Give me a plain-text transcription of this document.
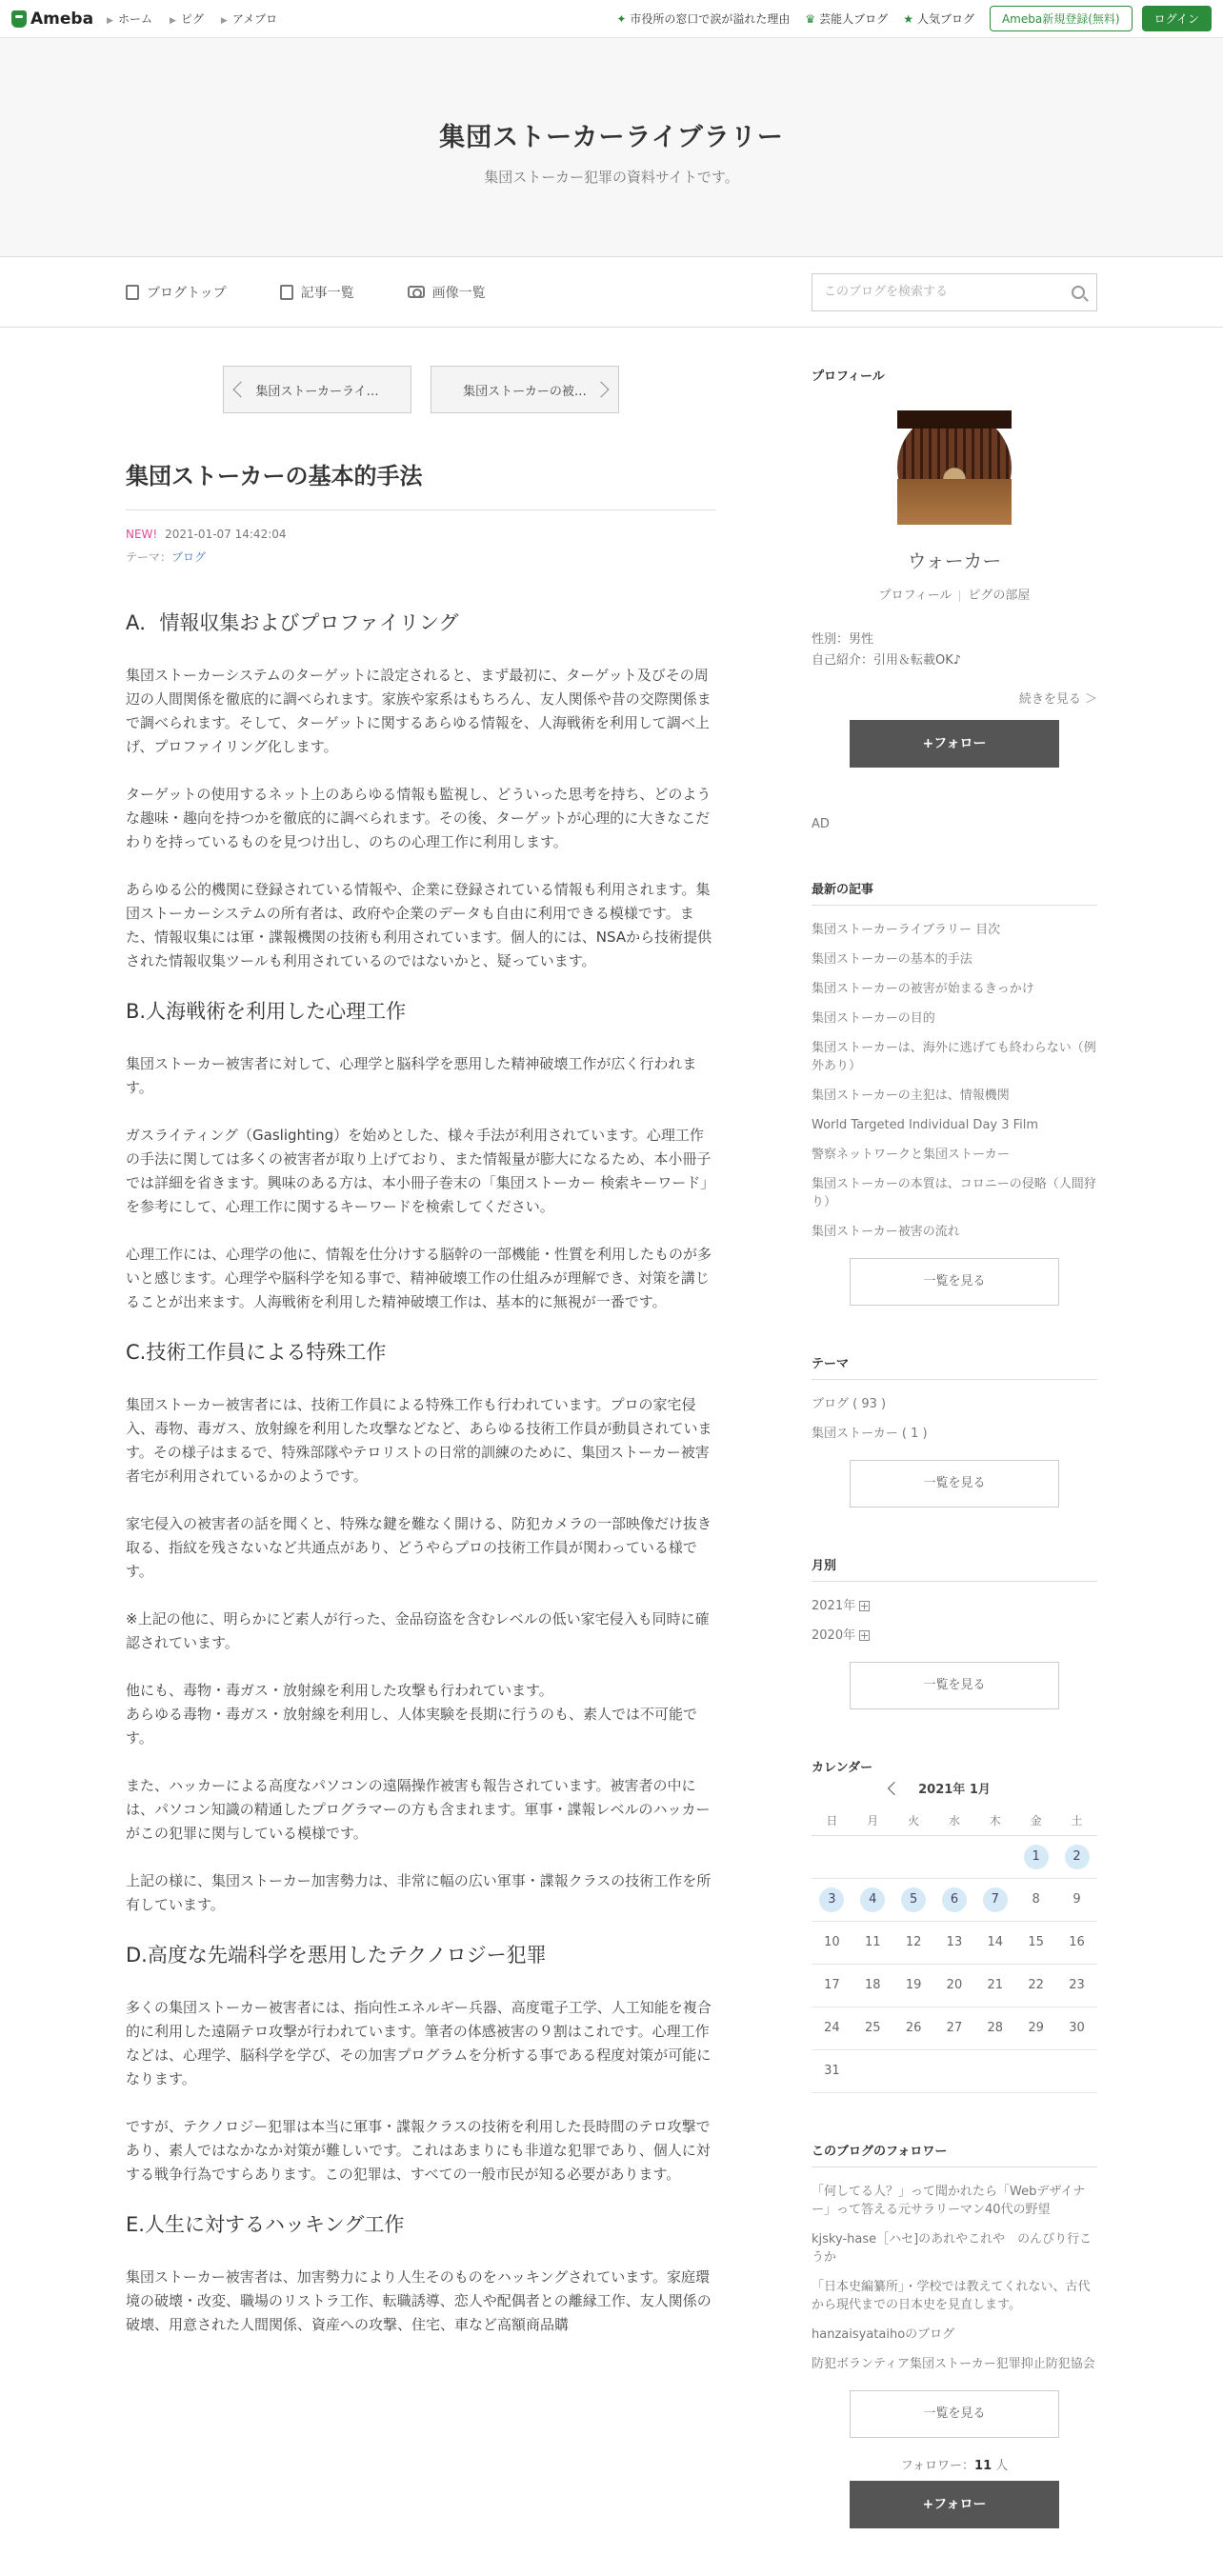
Ameba ▶ ホーム ▶ ピグ ▶ アメブロ	✦ 市役所の窓口で涙が溢れた理由 ♛ 芸能人ブログ ★ 人気ブログ	Ameba新規登録(無料)	ログイン
集団ストーカーライブラリー
集団ストーカー犯罪の資料サイトです。
ブログトップ	記事一覧	画像一覧
このブログを検索する
集団ストーカーライ…	集団ストーカーの被…
集団ストーカーの基本的手法
NEW! 2021-01-07 14:42:04
テーマ：ブログ
A．情報収集およびプロファイリング

集団ストーカーシステムのターゲットに設定されると、まず最初に、ターゲット及びその周辺の人間関係を徹底的に調べられます。家族や家系はもちろん、友人関係や昔の交際関係まで調べられます。そして、ターゲットに関するあらゆる情報を、人海戦術を利用して調べ上げ、プロファイリング化します。

ターゲットの使用するネット上のあらゆる情報も監視し、どういった思考を持ち、どのような趣味・趣向を持つかを徹底的に調べられます。その後、ターゲットが心理的に大きなこだわりを持っているものを見つけ出し、のちの心理工作に利用します。

あらゆる公的機関に登録されている情報や、企業に登録されている情報も利用されます。集団ストーカーシステムの所有者は、政府や企業のデータも自由に利用できる模様です。また、情報収集には軍・諜報機関の技術も利用されています。個人的には、NSAから技術提供された情報収集ツールも利用されているのではないかと、疑っています。

B.人海戦術を利用した心理工作

集団ストーカー被害者に対して、心理学と脳科学を悪用した精神破壊工作が広く行われます。

ガスライティング（Gaslighting）を始めとした、様々手法が利用されています。心理工作の手法に関しては多くの被害者が取り上げており、また情報量が膨大になるため、本小冊子では詳細を省きます。興味のある方は、本小冊子巻末の「集団ストーカー 検索キーワード」を参考にして、心理工作に関するキーワードを検索してください。

心理工作には、心理学の他に、情報を仕分けする脳幹の一部機能・性質を利用したものが多いと感じます。心理学や脳科学を知る事で、精神破壊工作の仕組みが理解でき、対策を講じることが出来ます。人海戦術を利用した精神破壊工作は、基本的に無視が一番です。

C.技術工作員による特殊工作

集団ストーカー被害者には、技術工作員による特殊工作も行われています。プロの家宅侵入、毒物、毒ガス、放射線を利用した攻撃などなど、あらゆる技術工作員が動員されています。その様子はまるで、特殊部隊やテロリストの日常的訓練のために、集団ストーカー被害者宅が利用されているかのようです。

家宅侵入の被害者の話を聞くと、特殊な鍵を難なく開ける、防犯カメラの一部映像だけ抜き取る、指紋を残さないなど共通点があり、どうやらプロの技術工作員が関わっている様です。

※上記の他に、明らかにど素人が行った、金品窃盗を含むレベルの低い家宅侵入も同時に確認されています。

他にも、毒物・毒ガス・放射線を利用した攻撃も行われています。
あらゆる毒物・毒ガス・放射線を利用し、人体実験を長期に行うのも、素人では不可能です。

また、ハッカーによる高度なパソコンの遠隔操作被害も報告されています。被害者の中には、パソコン知識の精通したプログラマーの方も含まれます。軍事・諜報レベルのハッカーがこの犯罪に関与している模様です。

上記の様に、集団ストーカー加害勢力は、非常に幅の広い軍事・諜報クラスの技術工作を所有しています。

D.高度な先端科学を悪用したテクノロジー犯罪

多くの集団ストーカー被害者には、指向性エネルギー兵器、高度電子工学、人工知能を複合的に利用した遠隔テロ攻撃が行われています。筆者の体感被害の９割はこれです。心理工作などは、心理学、脳科学を学び、その加害プログラムを分析する事である程度対策が可能になります。

ですが、テクノロジー犯罪は本当に軍事・諜報クラスの技術を利用した長時間のテロ攻撃であり、素人ではなかなか対策が難しいです。これはあまりにも非道な犯罪であり、個人に対する戦争行為ですらあります。この犯罪は、すべての一般市民が知る必要があります。

E.人生に対するハッキング工作

集団ストーカー被害者は、加害勢力により人生そのものをハッキングされています。家庭環境の破壊・改変、職場のリストラ工作、転職誘導、恋人や配偶者との離縁工作、友人関係の破壊、用意された人間関係、資産への攻撃、住宅、車など高額商品購

プロフィール
ウォーカー
プロフィール ピグの部屋
性別：男性
自己紹介：引用＆転載OK♪
続きを見る ＞
+フォロー
AD
最新の記事
集団ストーカーライブラリー 目次
集団ストーカーの基本的手法
集団ストーカーの被害が始まるきっかけ
集団ストーカーの目的
集団ストーカーは、海外に逃げても終わらない（例外あり）
集団ストーカーの主犯は、情報機関
World Targeted Individual Day 3 Film
警察ネットワークと集団ストーカー
集団ストーカーの本質は、コロニーの侵略（人間狩り）
集団ストーカー被害の流れ
一覧を見る
テーマ
ブログ ( 93 )
集団ストーカー ( 1 )
一覧を見る
月別
2021年
2020年
一覧を見る
カレンダー
2021年 1月
日	月	火	水	木	金	土
					1	2
3	4	5	6	7	8	9
10	11	12	13	14	15	16
17	18	19	20	21	22	23
24	25	26	27	28	29	30
31						
このブログのフォロワー
「何してる人？」って聞かれたら「Webデザイナー」って答える元サラリーマン40代の野望
kjsky-hase［ハセ]のあれやこれや　のんびり行こうか
「日本史編纂所」・学校では教えてくれない、古代から現代までの日本史を見直します。
hanzaisyataihoのブログ
防犯ボランティア集団ストーカー犯罪抑止防犯協会
一覧を見る
フォロワー：11 人
+フォロー
